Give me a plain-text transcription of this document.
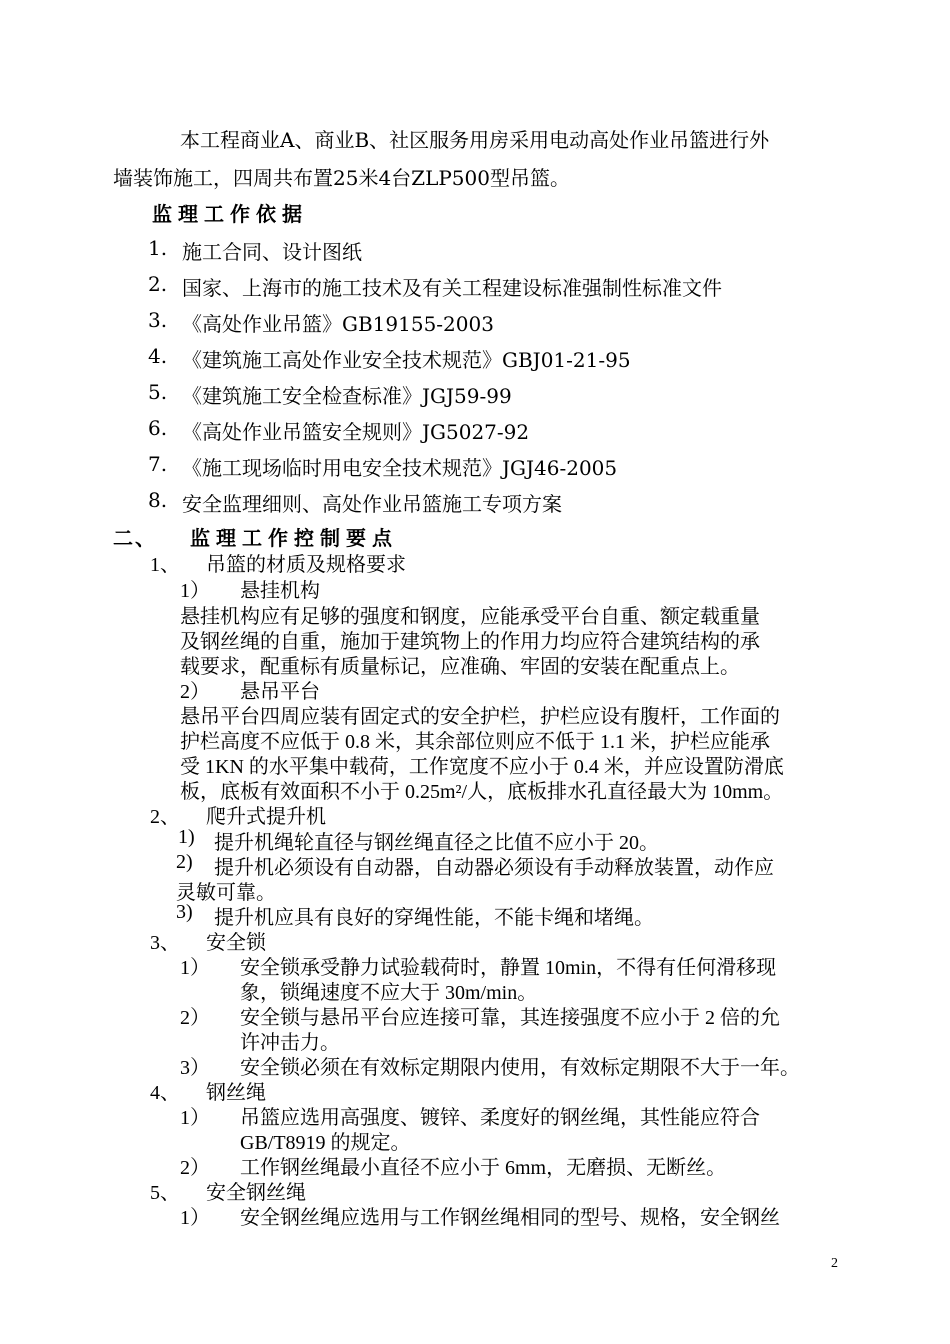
本工程商业A、商业B、社区服务用房采用电动高处作业吊篮进行外
墙装饰施工，四周共布置25米4台ZLP500型吊篮。
监理工作依据
1. 施工合同、设计图纸
2. 国家、上海市的施工技术及有关工程建设标准强制性标准文件
3. 《高处作业吊篮》GB19155-2003
4. 《建筑施工高处作业安全技术规范》GBJ01-21-95
5. 《建筑施工安全检查标准》JGJ59-99
6. 《高处作业吊篮安全规则》JG5027-92
7. 《施工现场临时用电安全技术规范》JGJ46-2005
8. 安全监理细则、高处作业吊篮施工专项方案
二、 监理工作控制要点
1、 吊篮的材质及规格要求
1） 悬挂机构
悬挂机构应有足够的强度和钢度，应能承受平台自重、额定载重量
及钢丝绳的自重，施加于建筑物上的作用力均应符合建筑结构的承
载要求，配重标有质量标记，应准确、牢固的安装在配重点上。
2） 悬吊平台
悬吊平台四周应装有固定式的安全护栏，护栏应设有腹杆，工作面的
护栏高度不应低于 0.8 米，其余部位则应不低于 1.1 米，护栏应能承
受 1KN 的水平集中载荷，工作宽度不应小于 0.4 米，并应设置防滑底
板，底板有效面积不小于 0.25m²/人，底板排水孔直径最大为 10mm。
2、 爬升式提升机
1) 提升机绳轮直径与钢丝绳直径之比值不应小于 20。
2) 提升机必须设有自动器，自动器必须设有手动释放装置，动作应
灵敏可靠。
3) 提升机应具有良好的穿绳性能，不能卡绳和堵绳。
3、 安全锁
1） 安全锁承受静力试验载荷时，静置 10min，不得有任何滑移现
象，锁绳速度不应大于 30m/min。
2） 安全锁与悬吊平台应连接可靠，其连接强度不应小于 2 倍的允
许冲击力。
3） 安全锁必须在有效标定期限内使用，有效标定期限不大于一年。
4、 钢丝绳
1） 吊篮应选用高强度、镀锌、柔度好的钢丝绳，其性能应符合
GB/T8919 的规定。
2） 工作钢丝绳最小直径不应小于 6mm，无磨损、无断丝。
5、 安全钢丝绳
1） 安全钢丝绳应选用与工作钢丝绳相同的型号、规格，安全钢丝
2
